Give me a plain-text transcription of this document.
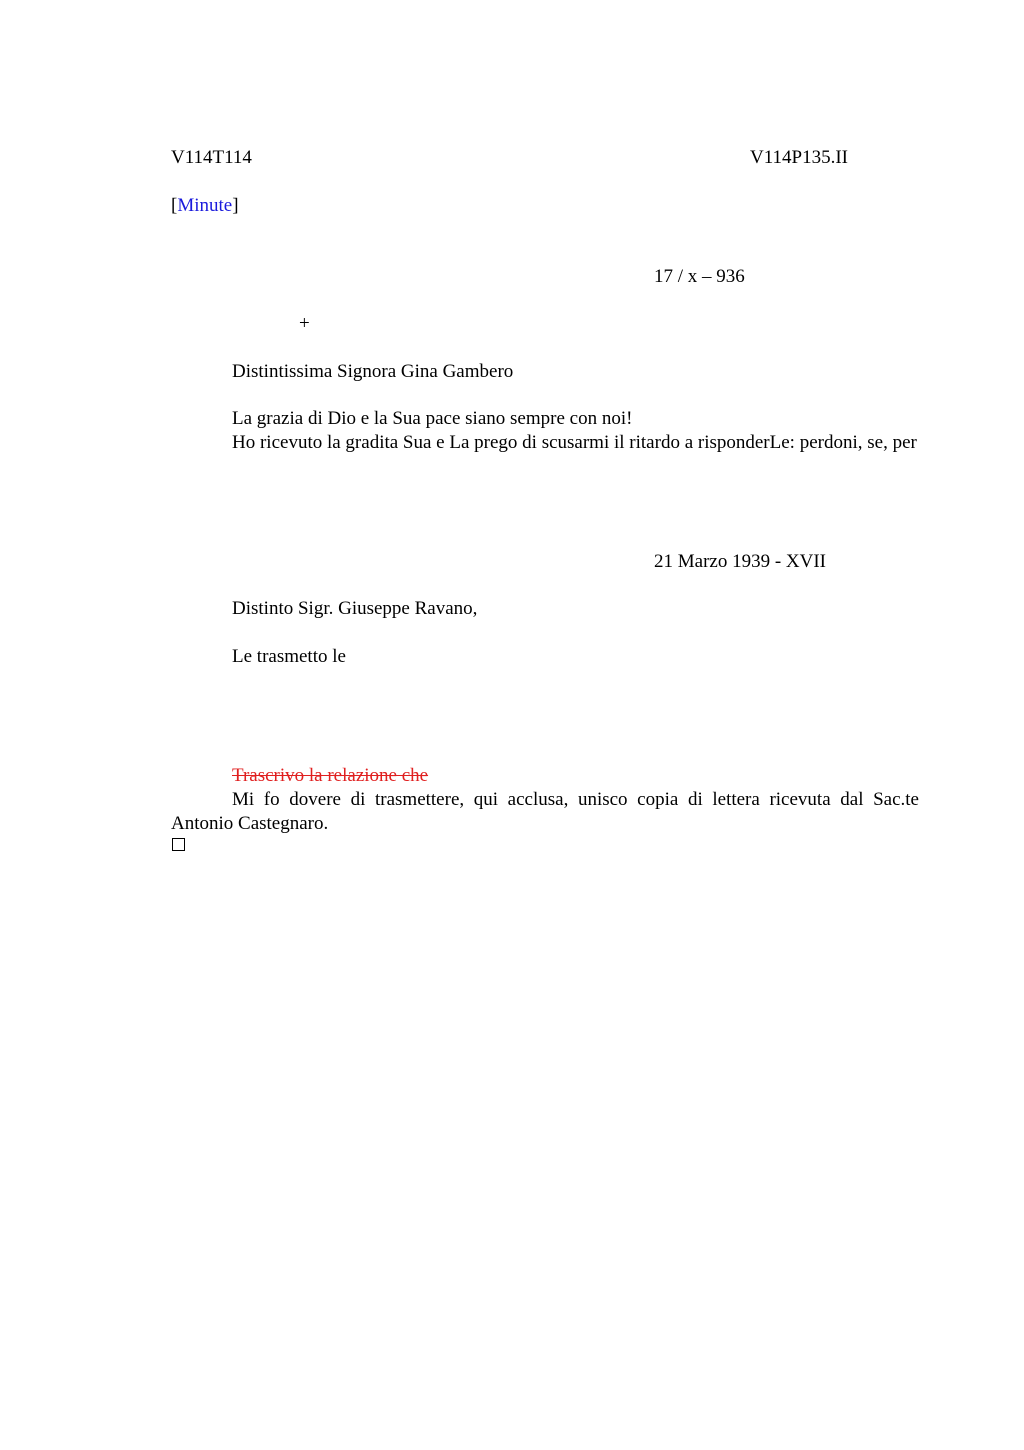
V114T114	V114P135.II
[Minute]
17 / x – 936
+
Distintissima Signora Gina Gambero
La grazia di Dio e la Sua pace siano sempre con noi!
Ho ricevuto la gradita Sua e La prego di scusarmi il ritardo a risponderLe: perdoni, se, per
21 Marzo 1939 - XVII
Distinto Sigr. Giuseppe Ravano,
Le trasmetto le
Trascrivo la relazione che
Mi fo dovere di trasmettere, qui acclusa, unisco copia di lettera ricevuta dal Sac.te Antonio Castegnaro.
